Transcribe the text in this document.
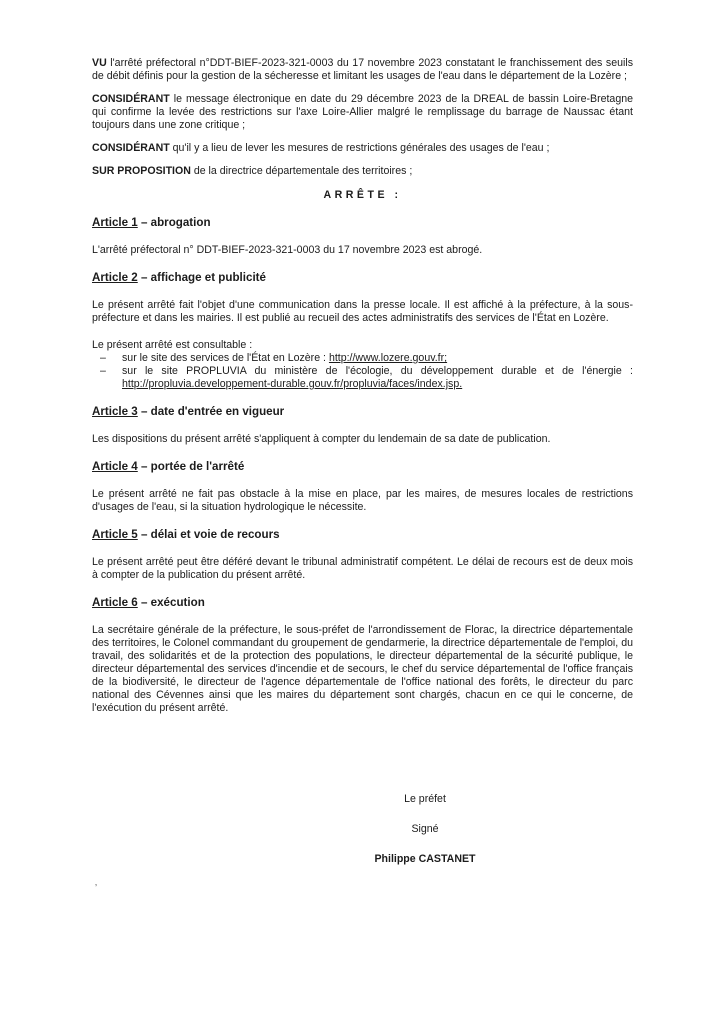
VU l'arrêté préfectoral n°DDT-BIEF-2023-321-0003 du 17 novembre 2023 constatant le franchissement des seuils de débit définis pour la gestion de la sécheresse et limitant les usages de l'eau dans le département de la Lozère ;

CONSIDÉRANT le message électronique en date du 29 décembre 2023 de la DREAL de bassin Loire-Bretagne qui confirme la levée des restrictions sur l'axe Loire-Allier malgré le remplissage du barrage de Naussac étant toujours dans une zone critique ;

CONSIDÉRANT qu'il y a lieu de lever les mesures de restrictions générales des usages de l'eau ;

SUR PROPOSITION de la directrice départementale des territoires ;

ARRÊTE :
Article 1 – abrogation

L'arrêté préfectoral n° DDT-BIEF-2023-321-0003 du 17 novembre 2023 est abrogé.

Article 2 – affichage et publicité

Le présent arrêté fait l'objet d'une communication dans la presse locale. Il est affiché à la préfecture, à la sous-préfecture et dans les mairies. Il est publié au recueil des actes administratifs des services de l'État en Lozère.

Le présent arrêté est consultable :

– sur le site des services de l'État en Lozère : http://www.lozere.gouv.fr;
– sur le site PROPLUVIA du ministère de l'écologie, du développement durable et de l'énergie : http://propluvia.developpement-durable.gouv.fr/propluvia/faces/index.jsp.
Article 3 – date d'entrée en vigueur

Les dispositions du présent arrêté s'appliquent à compter du lendemain de sa date de publication.

Article 4 – portée de l'arrêté

Le présent arrêté ne fait pas obstacle à la mise en place, par les maires, de mesures locales de restrictions d'usages de l'eau, si la situation hydrologique le nécessite.

Article 5 – délai et voie de recours

Le présent arrêté peut être déféré devant le tribunal administratif compétent. Le délai de recours est de deux mois à compter de la publication du présent arrêté.

Article 6 – exécution

La secrétaire générale de la préfecture, le sous-préfet de l'arrondissement de Florac, la directrice départementale des territoires, le Colonel commandant du groupement de gendarmerie, la directrice départementale de l'emploi, du travail, des solidarités et de la protection des populations, le directeur départemental de la sécurité publique, le directeur départemental des services d'incendie et de secours, le chef du service départemental de l'office français de la biodiversité, le directeur de l'agence départementale de l'office national des forêts, le directeur du parc national des Cévennes ainsi que les maires du département sont chargés, chacun en ce qui le concerne, de l'exécution du présent arrêté.

Le préfet
Signé
Philippe CASTANET
‚
